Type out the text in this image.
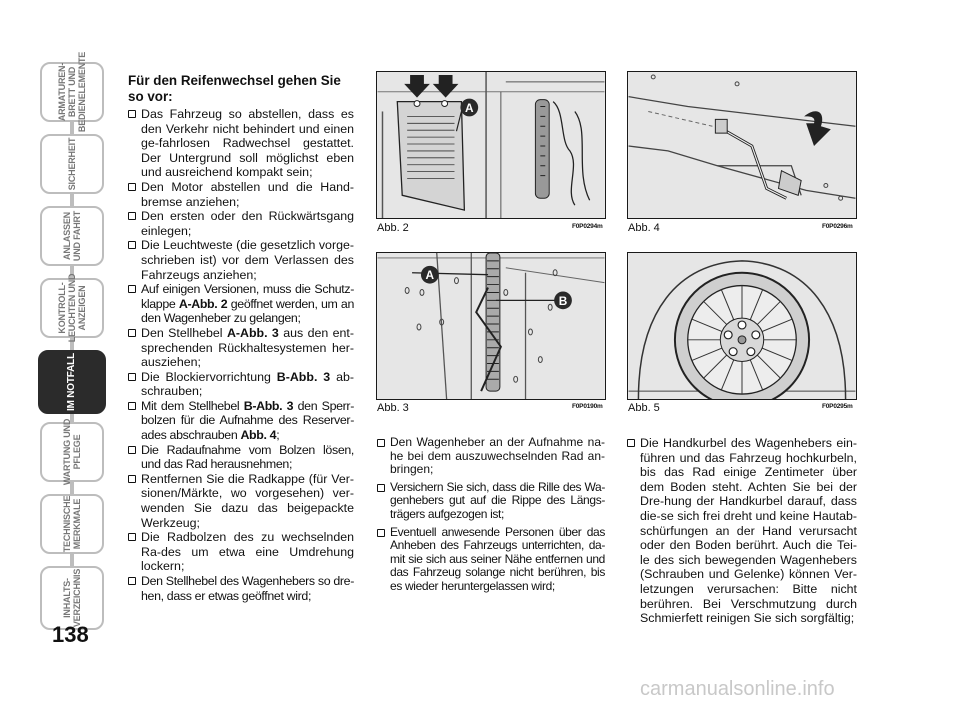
ARMATUREN-
BRETT UND
BEDIENELEMENTE
SICHERHEIT
ANLASSEN
UND FAHRT
KONTROLL-
LEUCHTEN UND
ANZEIGEN
IM NOTFALL
WARTUNG UND
PFLEGE
TECHNISCHE
MERKMALE
INHALTS-
VERZEICHNIS
138
Für den Reifenwechsel gehen Sie so vor:

Das Fahrzeug so abstellen, dass es den Verkehr nicht behindert und einen ge-fahrlosen Radwechsel gestattet. Der Untergrund soll möglichst eben und ausreichend kompakt sein;

Den Motor abstellen und die Hand-bremse anziehen;

Den ersten oder den Rückwärtsgang einlegen;

Die Leuchtweste (die gesetzlich vorge-schrieben ist) vor dem Verlassen des Fahrzeugs anziehen;

Auf einigen Versionen, muss die Schutz-klappe A-Abb. 2 geöffnet werden, um an den Wagenheber zu gelangen;

Den Stellhebel A-Abb. 3 aus den ent-sprechenden Rückhaltesystemen her-ausziehen;

Die Blockiervorrichtung B-Abb. 3 ab-schrauben;

Mit dem Stellhebel B-Abb. 3 den Sperr-bolzen für die Aufnahme des Reserver-ades abschrauben Abb. 4;

Die Radaufnahme vom Bolzen lösen, und das Rad herausnehmen;

Rentfernen Sie die Radkappe (für Ver-sionen/Märkte, wo vorgesehen) ver-wenden Sie dazu das beigepackte Werkzeug;

Die Radbolzen des zu wechselnden Ra-des um etwa eine Umdrehung lockern;

Den Stellhebel des Wagenhebers so dre-hen, dass er etwas geöffnet wird;

A
Abb. 2	F0P0294m Abb. 4	F0P0296m
A
B
Abb. 3	F0P0190m Abb. 5	F0P0295m

Den Wagenheber an der Aufnahme na-he bei dem auszuwechselnden Rad an-bringen;

Versichern Sie sich, dass die Rille des Wa-genhebers gut auf die Rippe des Längs-trägers aufgezogen ist;

Eventuell anwesende Personen über das Anheben des Fahrzeugs unterrichten, da-mit sie sich aus seiner Nähe entfernen und das Fahrzeug solange nicht berühren, bis es wieder heruntergelassen wird;

Die Handkurbel des Wagenhebers ein-führen und das Fahrzeug hochkurbeln, bis das Rad einige Zentimeter über dem Boden steht. Achten Sie bei der Dre-hung der Handkurbel darauf, dass die-se sich frei dreht und keine Hautab-schürfungen an der Hand verursacht oder den Boden berührt. Auch die Tei-le des sich bewegenden Wagenhebers (Schrauben und Gelenke) können Ver-letzungen verursachen: Bitte nicht berühren. Bei Verschmutzung durch Schmierfett reinigen Sie sich sorgfältig;

carmanualsonline.info
